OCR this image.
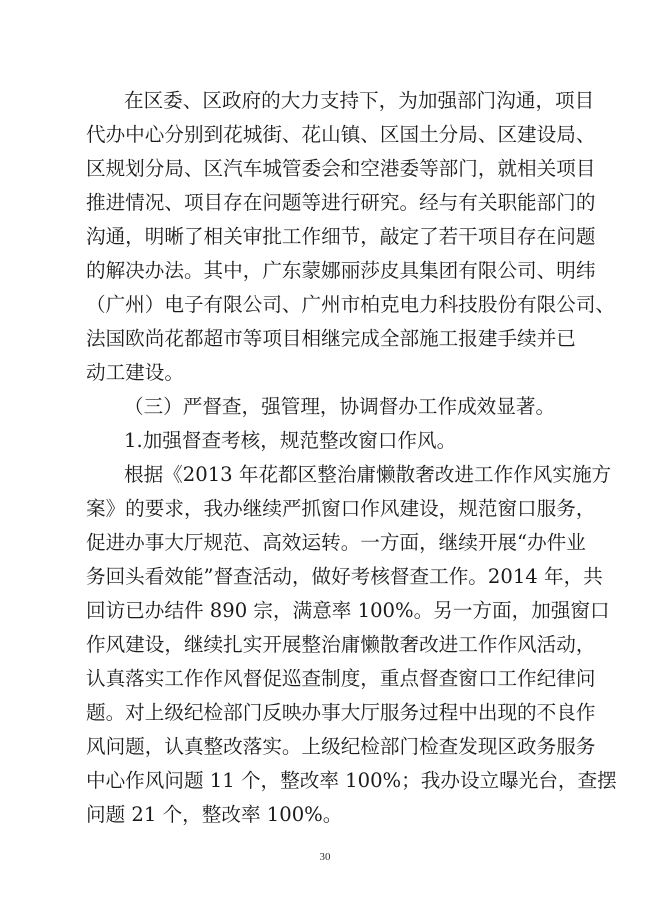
在区委、区政府的大力支持下，为加强部门沟通，项目
代办中心分别到花城街、花山镇、区国土分局、区建设局、
区规划分局、区汽车城管委会和空港委等部门，就相关项目
推进情况、项目存在问题等进行研究。经与有关职能部门的
沟通，明晰了相关审批工作细节，敲定了若干项目存在问题
的解决办法。其中，广东蒙娜丽莎皮具集团有限公司、明纬
（广州）电子有限公司、广州市柏克电力科技股份有限公司、
法国欧尚花都超市等项目相继完成全部施工报建手续并已
动工建设。
（三）严督查，强管理，协调督办工作成效显著。
1.加强督查考核，规范整改窗口作风。
根据《2013 年花都区整治庸懒散奢改进工作作风实施方
案》的要求，我办继续严抓窗口作风建设，规范窗口服务，
促进办事大厅规范、高效运转。一方面，继续开展“办件业
务回头看效能”督查活动，做好考核督查工作。2014 年，共
回访已办结件 890 宗，满意率 100%。另一方面，加强窗口
作风建设，继续扎实开展整治庸懒散奢改进工作作风活动，
认真落实工作作风督促巡查制度，重点督查窗口工作纪律问
题。对上级纪检部门反映办事大厅服务过程中出现的不良作
风问题，认真整改落实。上级纪检部门检查发现区政务服务
中心作风问题 11 个，整改率 100%；我办设立曝光台，查摆
问题 21 个，整改率 100%。
30
